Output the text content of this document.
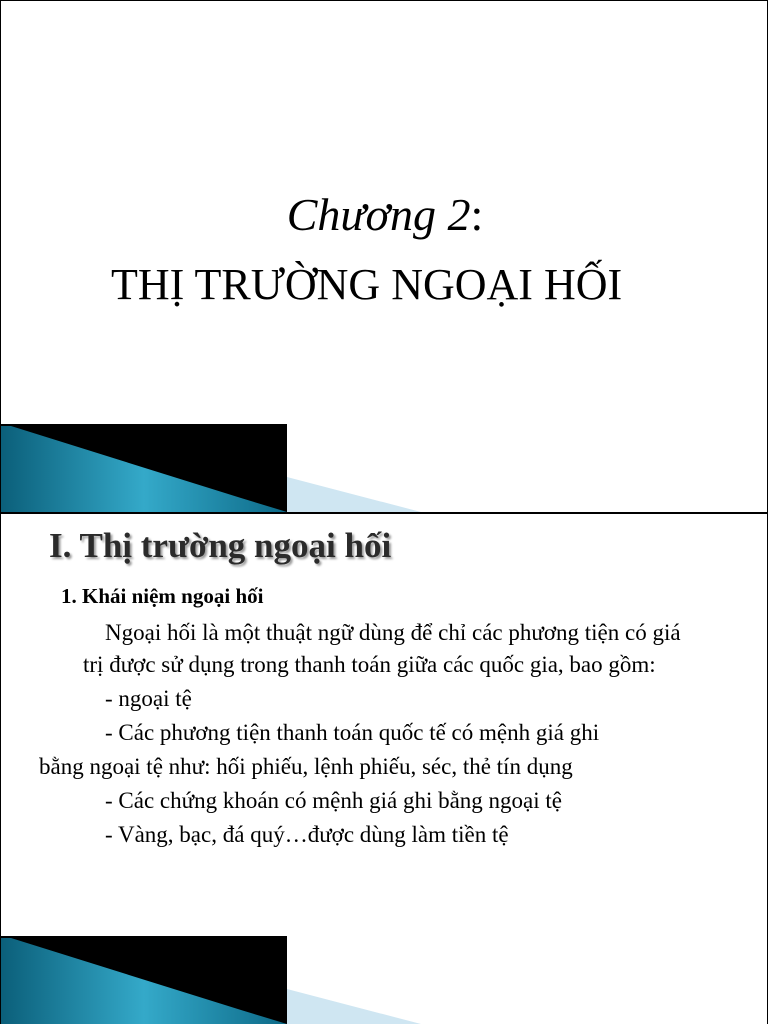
Chương 2:
THỊ TRƯỜNG NGOẠI HỐI
I. Thị trường ngoại hối
1. Khái niệm ngoại hối
Ngoại hối là một thuật ngữ dùng để chỉ các phương tiện có giá
trị được sử dụng trong thanh toán giữa các quốc gia, bao gồm:
- ngoại tệ
- Các phương tiện thanh toán quốc tế có mệnh giá ghi
bằng ngoại tệ như: hối phiếu, lệnh phiếu, séc, thẻ tín dụng
- Các chứng khoán có mệnh giá ghi bằng ngoại tệ
- Vàng, bạc, đá quý…được dùng làm tiền tệ
